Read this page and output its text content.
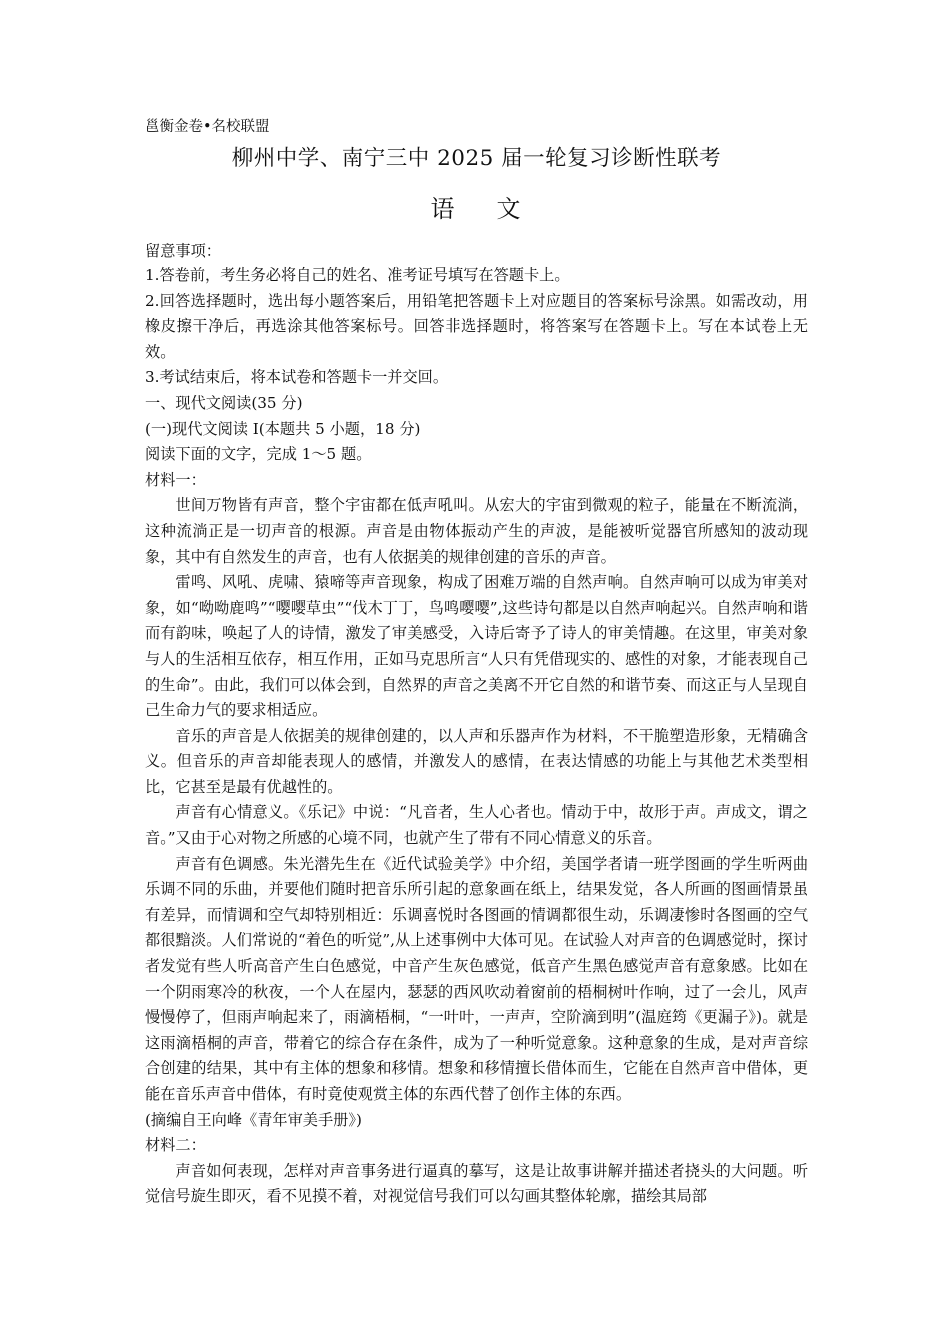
邕衡金卷•名校联盟
柳州中学、南宁三中 2025 届一轮复习诊断性联考
语 文
留意事项：
1.答卷前，考生务必将自己的姓名、准考证号填写在答题卡上。
2.回答选择题时，选出每小题答案后，用铅笔把答题卡上对应题目的答案标号涂黑。如需改动，用橡皮擦干净后，再选涂其他答案标号。回答非选择题时，将答案写在答题卡上。写在本试卷上无效。
3.考试结束后，将本试卷和答题卡一并交回。
一、现代文阅读(35 分)
(一)现代文阅读 I(本题共 5 小题，18 分)
阅读下面的文字，完成 1～5 题。
材料一：
世间万物皆有声音，整个宇宙都在低声吼叫。从宏大的宇宙到微观的粒子，能量在不断流淌，这种流淌正是一切声音的根源。声音是由物体振动产生的声波，是能被听觉器官所感知的波动现象，其中有自然发生的声音，也有人依据美的规律创建的音乐的声音。
雷鸣、风吼、虎啸、猿啼等声音现象，构成了困难万端的自然声响。自然声响可以成为审美对象，如“呦呦鹿鸣”“嘤嘤草虫”“伐木丁丁，鸟鸣嘤嘤”,这些诗句都是以自然声响起兴。自然声响和谐而有韵味，唤起了人的诗情，激发了审美感受，入诗后寄予了诗人的审美情趣。在这里，审美对象与人的生活相互依存，相互作用，正如马克思所言“人只有凭借现实的、感性的对象，才能表现自己的生命”。由此，我们可以体会到，自然界的声音之美离不开它自然的和谐节奏、而这正与人呈现自己生命力气的要求相适应。
音乐的声音是人依据美的规律创建的，以人声和乐器声作为材料，不干脆塑造形象，无精确含义。但音乐的声音却能表现人的感情，并激发人的感情，在表达情感的功能上与其他艺术类型相比，它甚至是最有优越性的。
声音有心情意义。《乐记》中说：“凡音者，生人心者也。情动于中，故形于声。声成文，谓之音。”又由于心对物之所感的心境不同，也就产生了带有不同心情意义的乐音。
声音有色调感。朱光潜先生在《近代试验美学》中介绍，美国学者请一班学图画的学生听两曲乐调不同的乐曲，并要他们随时把音乐所引起的意象画在纸上，结果发觉，各人所画的图画情景虽有差异，而情调和空气却特别相近：乐调喜悦时各图画的情调都很生动，乐调凄惨时各图画的空气都很黯淡。人们常说的“着色的听觉”,从上述事例中大体可见。在试验人对声音的色调感觉时，探讨者发觉有些人听高音产生白色感觉，中音产生灰色感觉，低音产生黑色感觉声音有意象感。比如在一个阴雨寒冷的秋夜，一个人在屋内，瑟瑟的西风吹动着窗前的梧桐树叶作响，过了一会儿，风声慢慢停了，但雨声响起来了，雨滴梧桐，“一叶叶，一声声，空阶滴到明”(温庭筠《更漏子》)。就是这雨滴梧桐的声音，带着它的综合存在条件，成为了一种听觉意象。这种意象的生成，是对声音综合创建的结果，其中有主体的想象和移情。想象和移情擅长借体而生，它能在自然声音中借体，更能在音乐声音中借体，有时竟使观赏主体的东西代替了创作主体的东西。
(摘编自王向峰《青年审美手册》)
材料二：
声音如何表现，怎样对声音事务进行逼真的摹写，这是让故事讲解并描述者挠头的大问题。听觉信号旋生即灭，看不见摸不着，对视觉信号我们可以勾画其整体轮廓，描绘其局部
